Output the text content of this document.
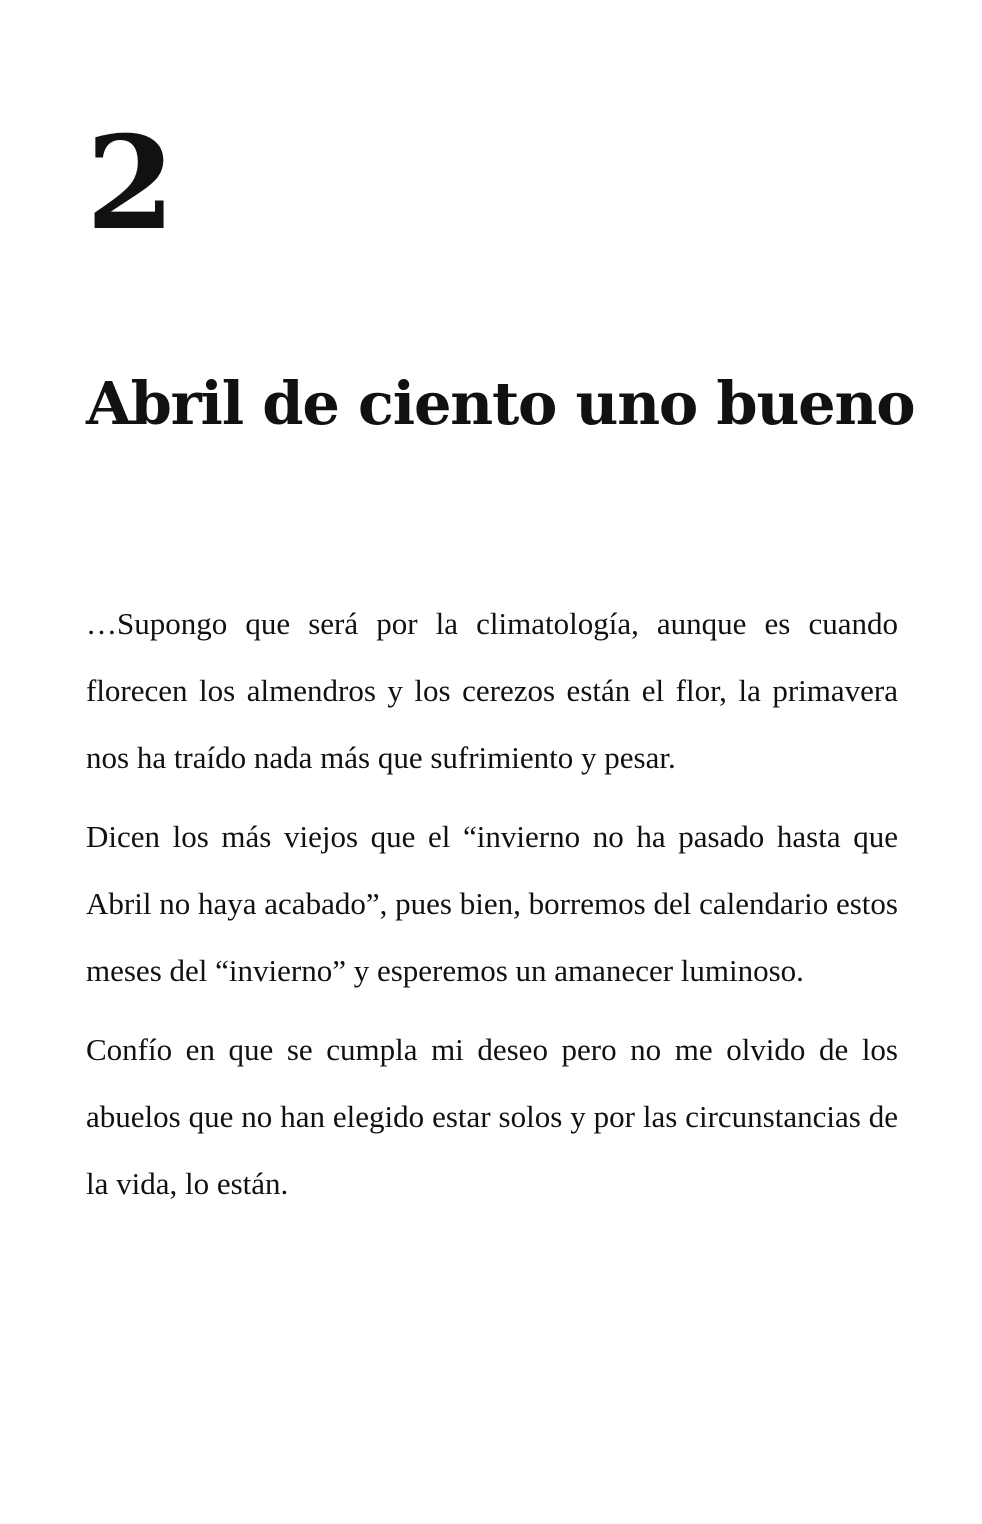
2
Abril de ciento uno bueno

…Supongo que será por la climatología, aunque es cuando florecen los almendros y los cerezos están el flor, la primavera nos ha traído nada más que sufrimiento y pesar.

Dicen los más viejos que el “invierno no ha pasado hasta que Abril no haya acabado”, pues bien, borremos del calendario estos meses del “invierno” y esperemos un amanecer luminoso.

Confío en que se cumpla mi deseo pero no me olvido de los abuelos que no han elegido estar solos y por las circunstancias de la vida, lo están.
